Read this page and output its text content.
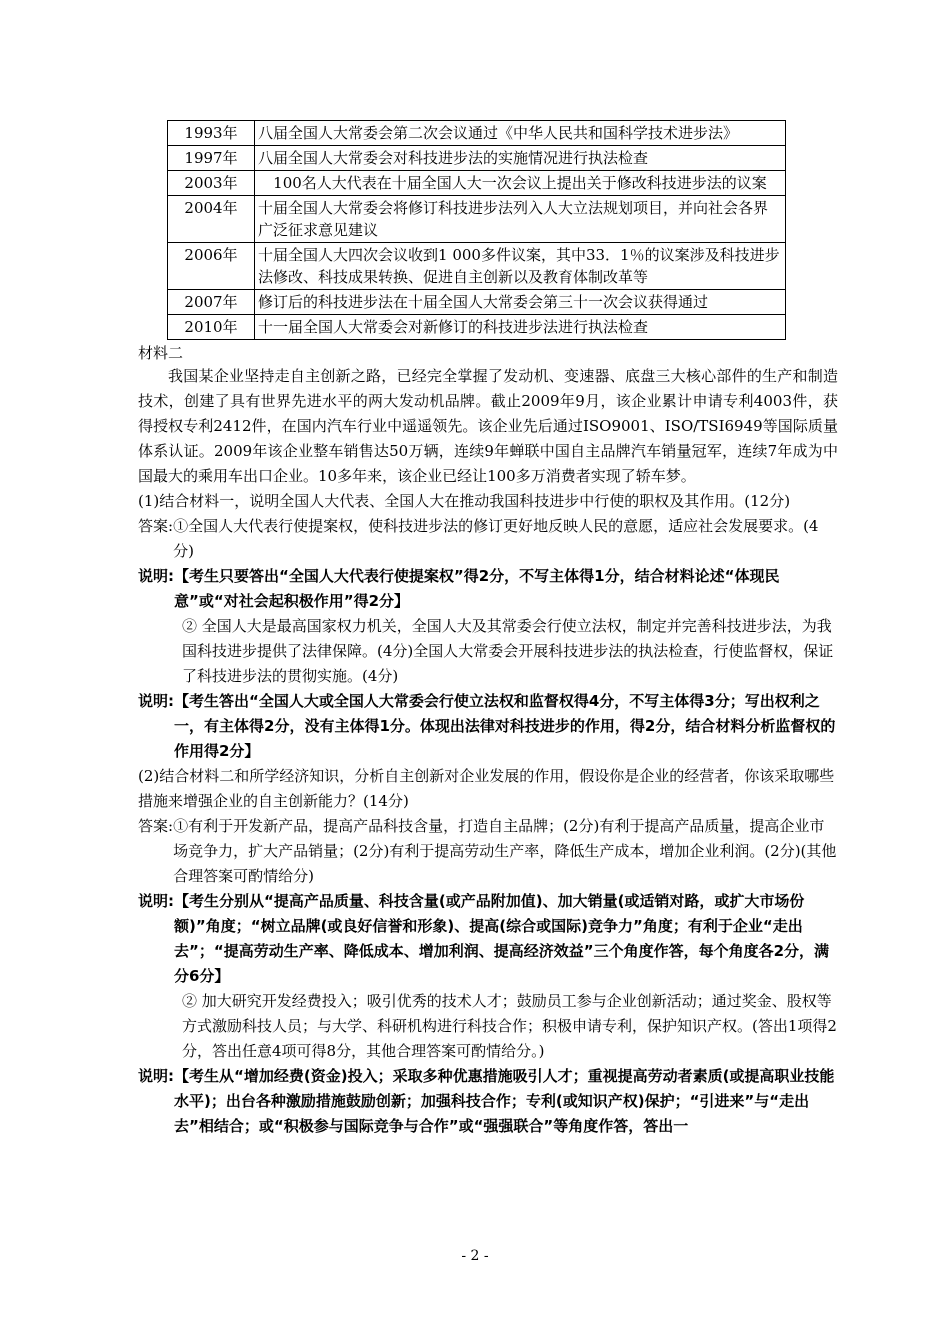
1993年	八届全国人大常委会第二次会议通过《中华人民共和国科学技术进步法》
1997年	八届全国人大常委会对科技进步法的实施情况进行执法检查
2003年	100名人大代表在十届全国人大一次会议上提出关于修改科技进步法的议案
2004年	十届全国人大常委会将修订科技进步法列入人大立法规划项目，并向社会各界广泛征求意见建议
2006年	十届全国人大四次会议收到1 000多件议案，其中33．1％的议案涉及科技进步法修改、科技成果转换、促进自主创新以及教育体制改革等
2007年	修订后的科技进步法在十届全国人大常委会第三十一次会议获得通过
2010年	十一届全国人大常委会对新修订的科技进步法进行执法检查
材料二

我国某企业坚持走自主创新之路，已经完全掌握了发动机、变速器、底盘三大核心部件的生产和制造技术，创建了具有世界先进水平的两大发动机品牌。截止2009年9月，该企业累计申请专利4003件，获得授权专利2412件，在国内汽车行业中遥遥领先。该企业先后通过ISO9001、ISO/TSI6949等国际质量体系认证。2009年该企业整车销售达50万辆，连续9年蝉联中国自主品牌汽车销量冠军，连续7年成为中国最大的乘用车出口企业。10多年来，该企业已经让100多万消费者实现了轿车梦。

(1)结合材料一，说明全国人大代表、全国人大在推动我国科技进步中行使的职权及其作用。(12分)

答案: ①全国人大代表行使提案权，使科技进步法的修订更好地反映人民的意愿，适应社会发展要求。(4分)
说明: 【考生只要答出“全国人大代表行使提案权”得2分，不写主体得1分，结合材料论述“体现民意”或“对社会起积极作用”得2分】
② 全国人大是最高国家权力机关，全国人大及其常委会行使立法权，制定并完善科技进步法，为我国科技进步提供了法律保障。(4分)全国人大常委会开展科技进步法的执法检查，行使监督权，保证了科技进步法的贯彻实施。(4分)
说明: 【考生答出“全国人大或全国人大常委会行使立法权和监督权得4分，不写主体得3分；写出权利之一，有主体得2分，没有主体得1分。体现出法律对科技进步的作用，得2分，结合材料分析监督权的作用得2分】

(2)结合材料二和所学经济知识，分析自主创新对企业发展的作用，假设你是企业的经营者，你该采取哪些措施来增强企业的自主创新能力？(14分)

答案: ①有利于开发新产品，提高产品科技含量，打造自主品牌；(2分)有利于提高产品质量，提高企业市场竞争力，扩大产品销量；(2分)有利于提高劳动生产率，降低生产成本，增加企业利润。(2分)(其他合理答案可酌情给分)
说明: 【考生分别从“提高产品质量、科技含量(或产品附加值)、加大销量(或适销对路，或扩大市场份额)”角度；“树立品牌(或良好信誉和形象)、提高(综合或国际)竞争力”角度；有利于企业“走出去”；“提高劳动生产率、降低成本、增加利润、提高经济效益”三个角度作答，每个角度各2分，满分6分】
② 加大研究开发经费投入；吸引优秀的技术人才；鼓励员工参与企业创新活动；通过奖金、股权等方式激励科技人员；与大学、科研机构进行科技合作；积极申请专利，保护知识产权。(答出1项得2分，答出任意4项可得8分，其他合理答案可酌情给分。)
说明: 【考生从“增加经费(资金)投入；采取多种优惠措施吸引人才；重视提高劳动者素质(或提高职业技能水平)；出台各种激励措施鼓励创新；加强科技合作；专利(或知识产权)保护；“引进来”与“走出去”相结合；或“积极参与国际竞争与合作”或“强强联合”等角度作答，答出一
- 2 -
